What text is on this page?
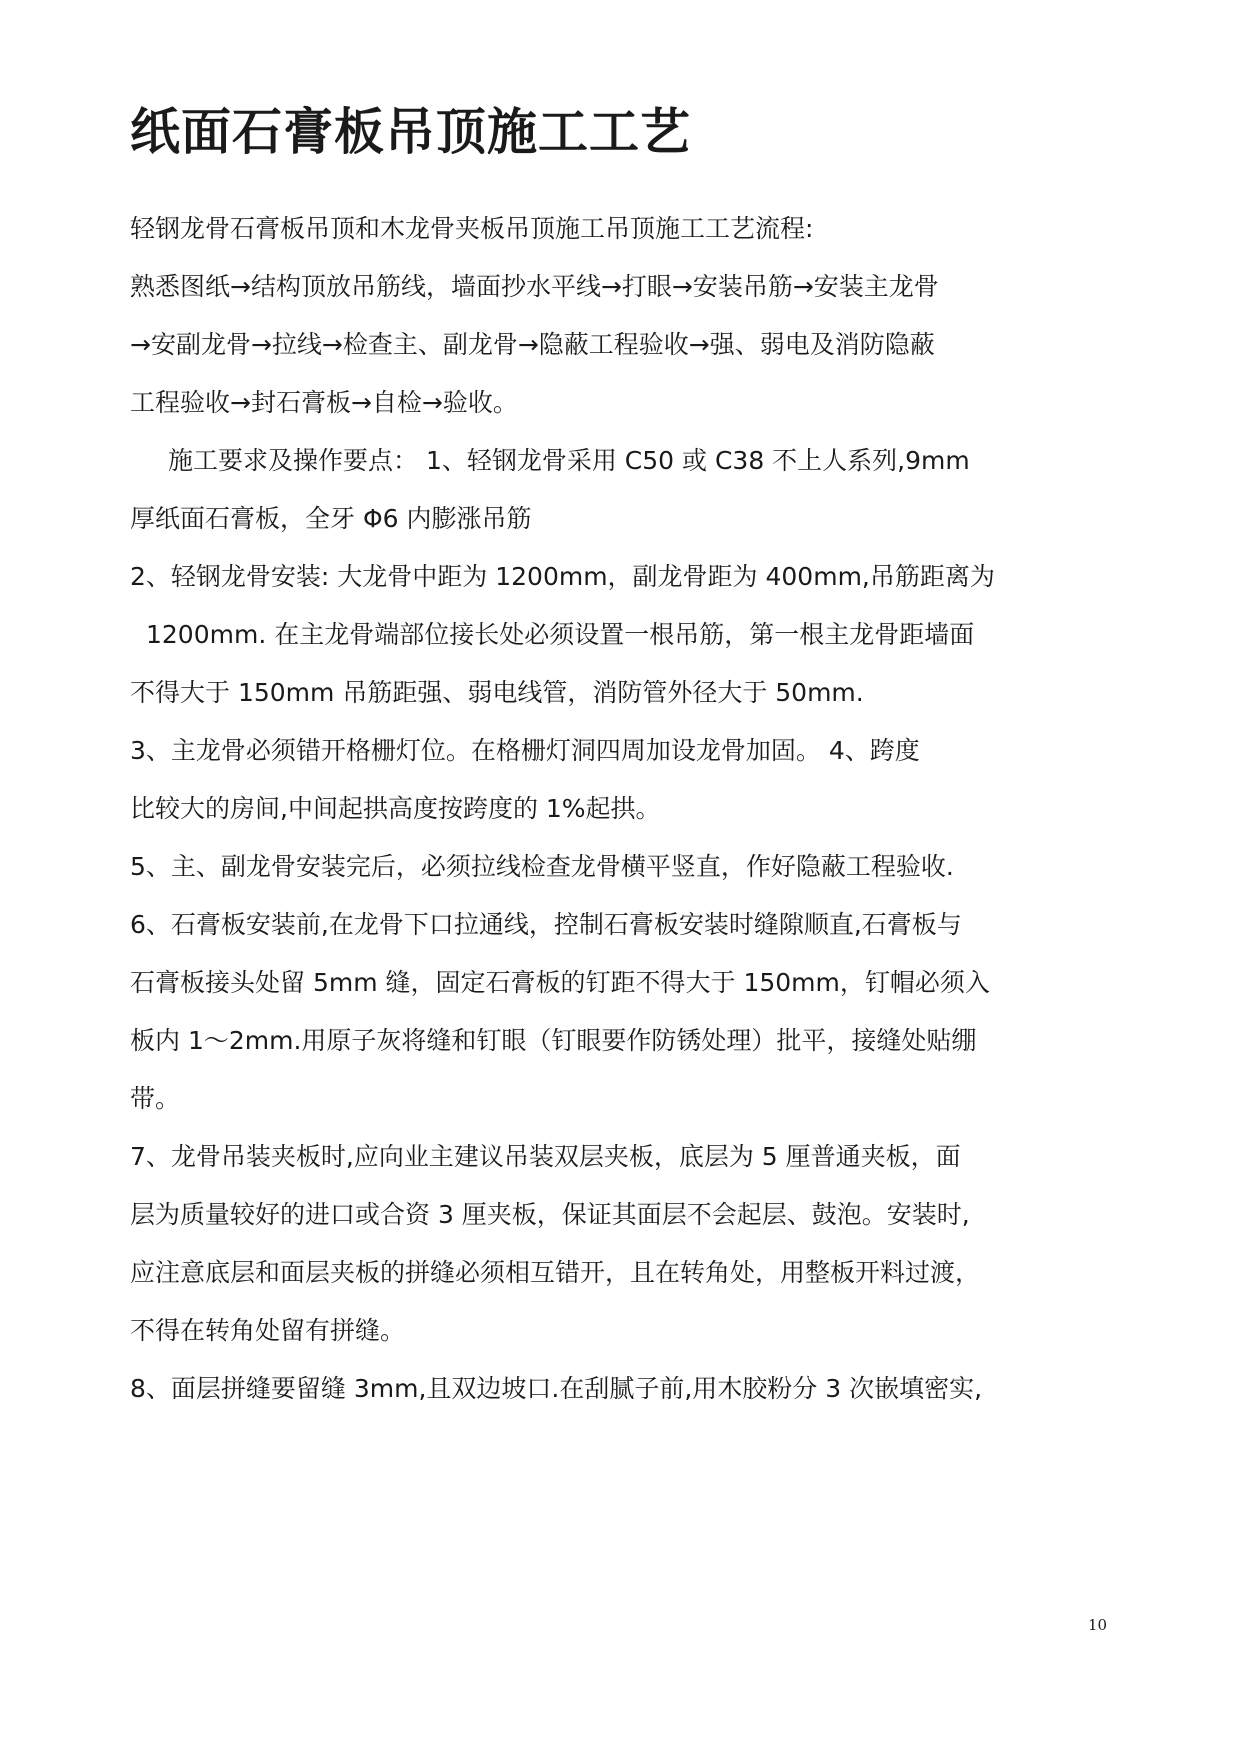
纸面石膏板吊顶施工工艺

轻钢龙骨石膏板吊顶和木龙骨夹板吊顶施工吊顶施工工艺流程:

熟悉图纸→结构顶放吊筋线，墙面抄水平线→打眼→安装吊筋→安装主龙骨

→安副龙骨→拉线→检查主、副龙骨→隐蔽工程验收→强、弱电及消防隐蔽

工程验收→封石膏板→自检→验收。

施工要求及操作要点： 1、轻钢龙骨采用 C50 或 C38 不上人系列,9mm

厚纸面石膏板，全牙 Φ6 内膨涨吊筋

2、轻钢龙骨安装: 大龙骨中距为 1200mm，副龙骨距为 400mm,吊筋距离为

1200mm. 在主龙骨端部位接长处必须设置一根吊筋，第一根主龙骨距墙面

不得大于 150mm 吊筋距强、弱电线管，消防管外径大于 50mm.

3、主龙骨必须错开格栅灯位。在格栅灯洞四周加设龙骨加固。 4、跨度

比较大的房间,中间起拱高度按跨度的 1%起拱。

5、主、副龙骨安装完后，必须拉线检查龙骨横平竖直，作好隐蔽工程验收.

6、石膏板安装前,在龙骨下口拉通线，控制石膏板安装时缝隙顺直,石膏板与

石膏板接头处留 5mm 缝，固定石膏板的钉距不得大于 150mm，钉帽必须入

板内 1～2mm.用原子灰将缝和钉眼（钉眼要作防锈处理）批平，接缝处贴绷

带。

7、龙骨吊装夹板时,应向业主建议吊装双层夹板，底层为 5 厘普通夹板，面

层为质量较好的进口或合资 3 厘夹板，保证其面层不会起层、鼓泡。安装时,

应注意底层和面层夹板的拼缝必须相互错开，且在转角处，用整板开料过渡，

不得在转角处留有拼缝。

8、面层拼缝要留缝 3mm,且双边坡口.在刮腻子前,用木胶粉分 3 次嵌填密实,

10
